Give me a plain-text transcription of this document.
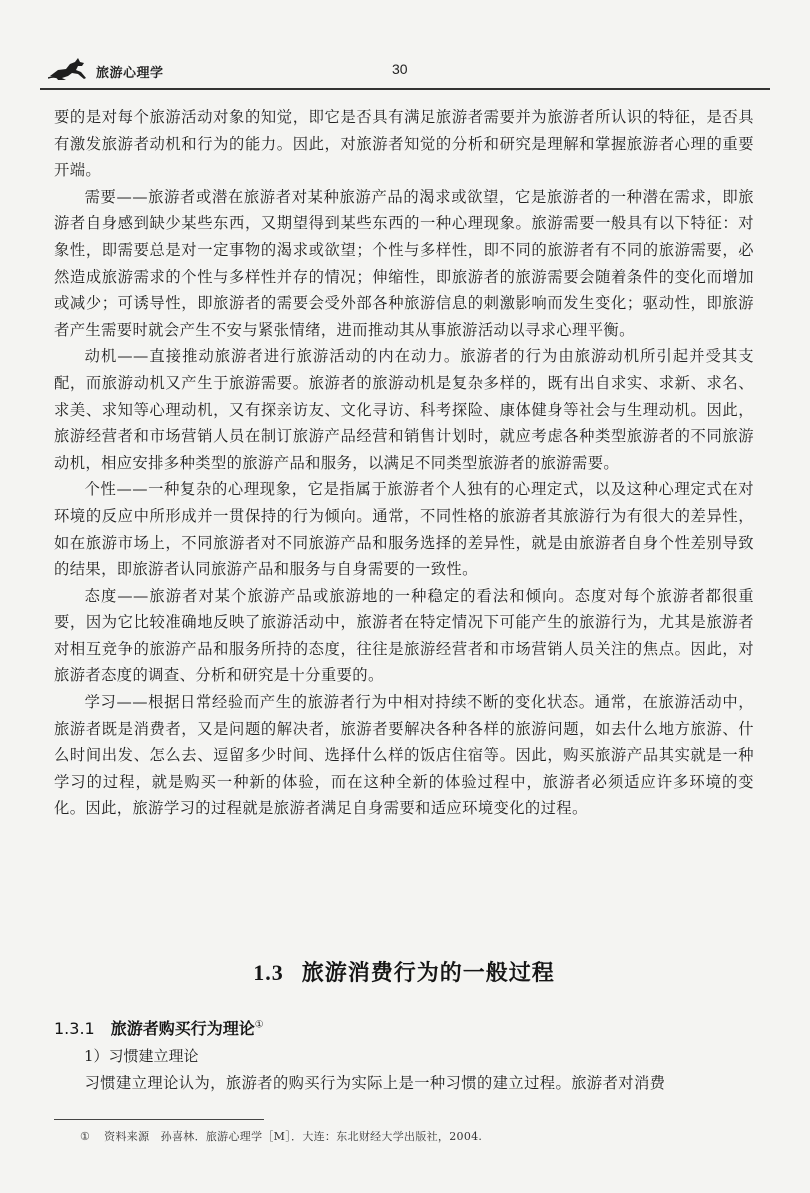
旅游心理学	30

要的是对每个旅游活动对象的知觉，即它是否具有满足旅游者需要并为旅游者所认识的特征，是否具有激发旅游者动机和行为的能力。因此，对旅游者知觉的分析和研究是理解和掌握旅游者心理的重要开端。

需要——旅游者或潜在旅游者对某种旅游产品的渴求或欲望，它是旅游者的一种潜在需求，即旅游者自身感到缺少某些东西，又期望得到某些东西的一种心理现象。旅游需要一般具有以下特征：对象性，即需要总是对一定事物的渴求或欲望；个性与多样性，即不同的旅游者有不同的旅游需要，必然造成旅游需求的个性与多样性并存的情况；伸缩性，即旅游者的旅游需要会随着条件的变化而增加或减少；可诱导性，即旅游者的需要会受外部各种旅游信息的刺激影响而发生变化；驱动性，即旅游者产生需要时就会产生不安与紧张情绪，进而推动其从事旅游活动以寻求心理平衡。

动机——直接推动旅游者进行旅游活动的内在动力。旅游者的行为由旅游动机所引起并受其支配，而旅游动机又产生于旅游需要。旅游者的旅游动机是复杂多样的，既有出自求实、求新、求名、求美、求知等心理动机，又有探亲访友、文化寻访、科考探险、康体健身等社会与生理动机。因此，旅游经营者和市场营销人员在制订旅游产品经营和销售计划时，就应考虑各种类型旅游者的不同旅游动机，相应安排多种类型的旅游产品和服务，以满足不同类型旅游者的旅游需要。

个性——一种复杂的心理现象，它是指属于旅游者个人独有的心理定式，以及这种心理定式在对环境的反应中所形成并一贯保持的行为倾向。通常，不同性格的旅游者其旅游行为有很大的差异性，如在旅游市场上，不同旅游者对不同旅游产品和服务选择的差异性，就是由旅游者自身个性差别导致的结果，即旅游者认同旅游产品和服务与自身需要的一致性。

态度——旅游者对某个旅游产品或旅游地的一种稳定的看法和倾向。态度对每个旅游者都很重要，因为它比较准确地反映了旅游活动中，旅游者在特定情况下可能产生的旅游行为，尤其是旅游者对相互竞争的旅游产品和服务所持的态度，往往是旅游经营者和市场营销人员关注的焦点。因此，对旅游者态度的调查、分析和研究是十分重要的。

学习——根据日常经验而产生的旅游者行为中相对持续不断的变化状态。通常，在旅游活动中，旅游者既是消费者，又是问题的解决者，旅游者要解决各种各样的旅游问题，如去什么地方旅游、什么时间出发、怎么去、逗留多少时间、选择什么样的饭店住宿等。因此，购买旅游产品其实就是一种学习的过程，就是购买一种新的体验，而在这种全新的体验过程中，旅游者必须适应许多环境的变化。因此，旅游学习的过程就是旅游者满足自身需要和适应环境变化的过程。

1.3 旅游消费行为的一般过程
1.3.1 旅游者购买行为理论①
1）习惯建立理论

习惯建立理论认为，旅游者的购买行为实际上是一种习惯的建立过程。旅游者对消费

① 资料来源　孙喜林．旅游心理学［M］．大连：东北财经大学出版社，2004.
